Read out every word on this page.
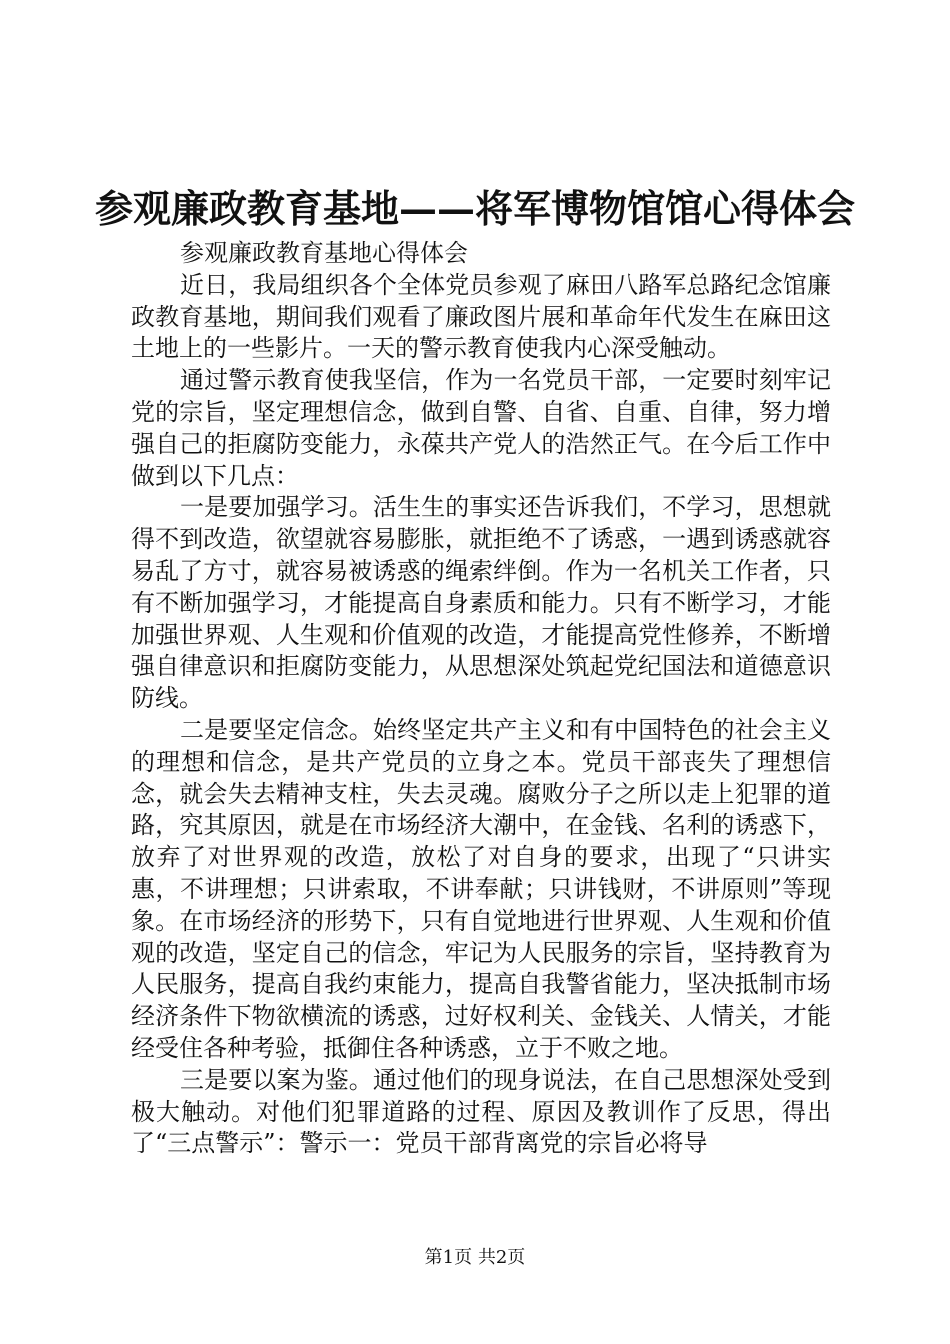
参观廉政教育基地——将军博物馆馆心得体会

参观廉政教育基地心得体会

近日，我局组织各个全体党员参观了麻田八路军总路纪念馆廉政教育基地，期间我们观看了廉政图片展和革命年代发生在麻田这土地上的一些影片。一天的警示教育使我内心深受触动。

通过警示教育使我坚信，作为一名党员干部，一定要时刻牢记党的宗旨，坚定理想信念，做到自警、自省、自重、自律，努力增强自己的拒腐防变能力，永葆共产党人的浩然正气。在今后工作中做到以下几点：

一是要加强学习。活生生的事实还告诉我们，不学习，思想就得不到改造，欲望就容易膨胀，就拒绝不了诱惑，一遇到诱惑就容易乱了方寸，就容易被诱惑的绳索绊倒。作为一名机关工作者，只有不断加强学习，才能提高自身素质和能力。只有不断学习，才能加强世界观、人生观和价值观的改造，才能提高党性修养，不断增强自律意识和拒腐防变能力，从思想深处筑起党纪国法和道德意识防线。

二是要坚定信念。始终坚定共产主义和有中国特色的社会主义的理想和信念，是共产党员的立身之本。党员干部丧失了理想信念，就会失去精神支柱，失去灵魂。腐败分子之所以走上犯罪的道路，究其原因，就是在市场经济大潮中，在金钱、名利的诱惑下，放弃了对世界观的改造，放松了对自身的要求，出现了“只讲实惠，不讲理想；只讲索取，不讲奉献；只讲钱财，不讲原则”等现象。在市场经济的形势下，只有自觉地进行世界观、人生观和价值观的改造，坚定自己的信念，牢记为人民服务的宗旨，坚持教育为人民服务，提高自我约束能力，提高自我警省能力，坚决抵制市场经济条件下物欲横流的诱惑，过好权利关、金钱关、人情关，才能经受住各种考验，抵御住各种诱惑，立于不败之地。

三是要以案为鉴。通过他们的现身说法，在自己思想深处受到极大触动。对他们犯罪道路的过程、原因及教训作了反思，得出了“三点警示”：警示一：党员干部背离党的宗旨必将导

第1页 共2页
